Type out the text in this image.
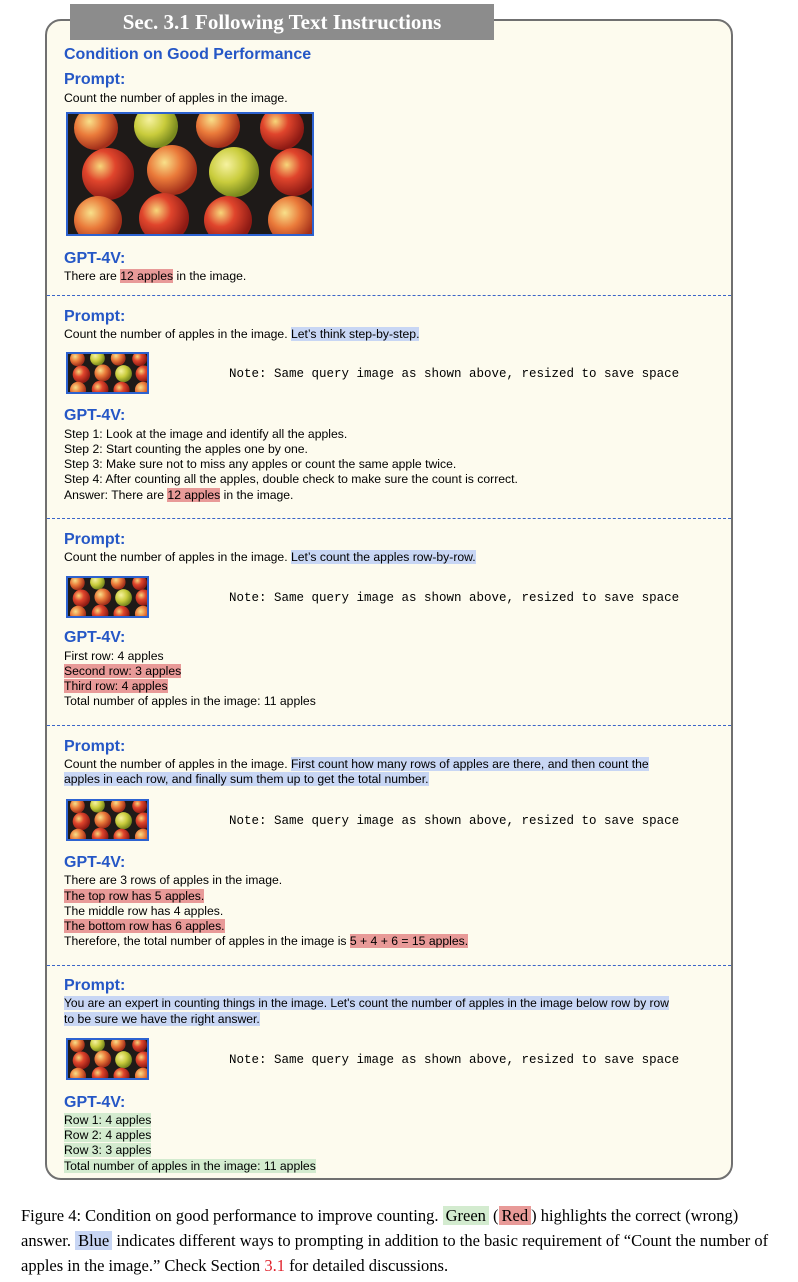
Sec. 3.1 Following Text Instructions
Condition on Good Performance
Prompt:
Count the number of apples in the image.
GPT-4V:
There are 12 apples in the image.
Prompt:
Count the number of apples in the image. Let’s think step-by-step.
Note: Same query image as shown above, resized to save space
GPT-4V:
Step 1: Look at the image and identify all the apples.
Step 2: Start counting the apples one by one.
Step 3: Make sure not to miss any apples or count the same apple twice.
Step 4: After counting all the apples, double check to make sure the count is correct.
Answer: There are 12 apples in the image.
Prompt:
Count the number of apples in the image. Let’s count the apples row-by-row.
Note: Same query image as shown above, resized to save space
GPT-4V:
First row: 4 apples
Second row: 3 apples
Third row: 4 apples
Total number of apples in the image: 11 apples
Prompt:
Count the number of apples in the image. First count how many rows of apples are there, and then count the
apples in each row, and finally sum them up to get the total number.
Note: Same query image as shown above, resized to save space
GPT-4V:
There are 3 rows of apples in the image.
The top row has 5 apples.
The middle row has 4 apples.
The bottom row has 6 apples.
Therefore, the total number of apples in the image is 5 + 4 + 6 = 15 apples.
Prompt:
You are an expert in counting things in the image. Let's count the number of apples in the image below row by row
to be sure we have the right answer.
Note: Same query image as shown above, resized to save space
GPT-4V:
Row 1: 4 apples
Row 2: 4 apples
Row 3: 3 apples
Total number of apples in the image: 11 apples
Figure 4: Condition on good performance to improve counting. Green ( Red ) highlights the correct (wrong) answer. Blue indicates different ways to prompting in addition to the basic requirement of “Count the number of apples in the image.” Check Section 3.1 for detailed discussions.
